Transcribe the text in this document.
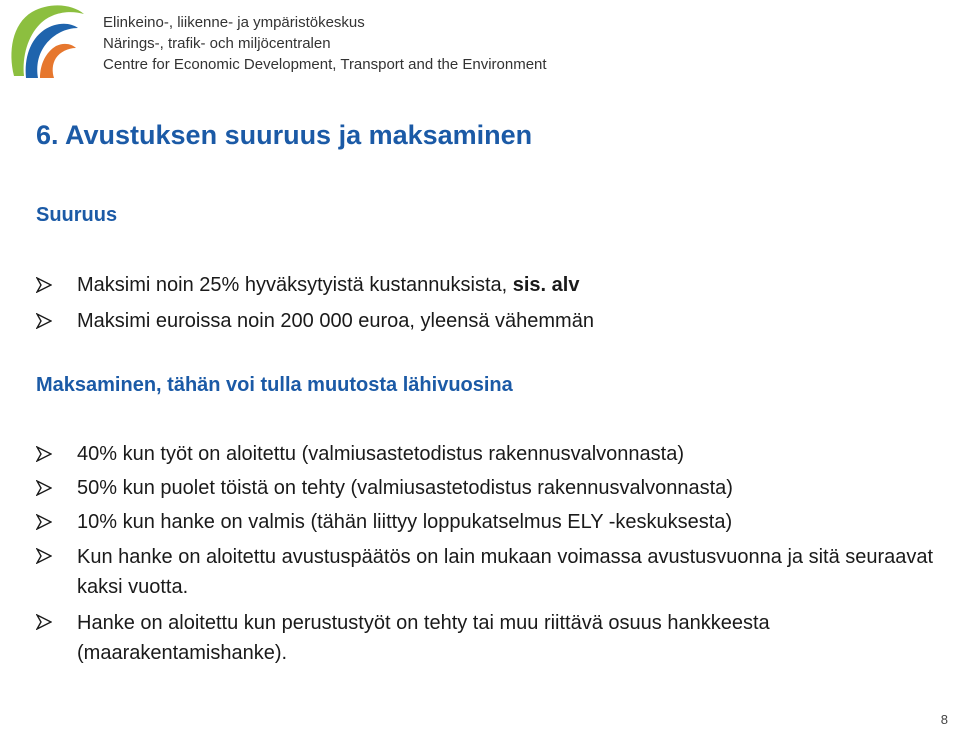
Elinkeino-, liikenne- ja ympäristökeskus
Närings-, trafik- och miljöcentralen
Centre for Economic Development, Transport and the Environment
6. Avustuksen suuruus ja maksaminen
Suuruus
Maksimi noin 25% hyväksytyistä kustannuksista, sis. alv
Maksimi euroissa noin 200 000 euroa, yleensä vähemmän
Maksaminen, tähän voi tulla muutosta lähivuosina
40% kun työt on aloitettu (valmiusastetodistus rakennusvalvonnasta)
50% kun puolet töistä on tehty (valmiusastetodistus rakennusvalvonnasta)
10% kun hanke on valmis (tähän liittyy loppukatselmus ELY -keskuksesta)
Kun hanke on aloitettu avustuspäätös on lain mukaan voimassa avustusvuonna ja sitä seuraavat kaksi vuotta.
Hanke on aloitettu kun perustustyöt on tehty tai muu riittävä osuus hankkeesta (maarakentamishanke).
8
